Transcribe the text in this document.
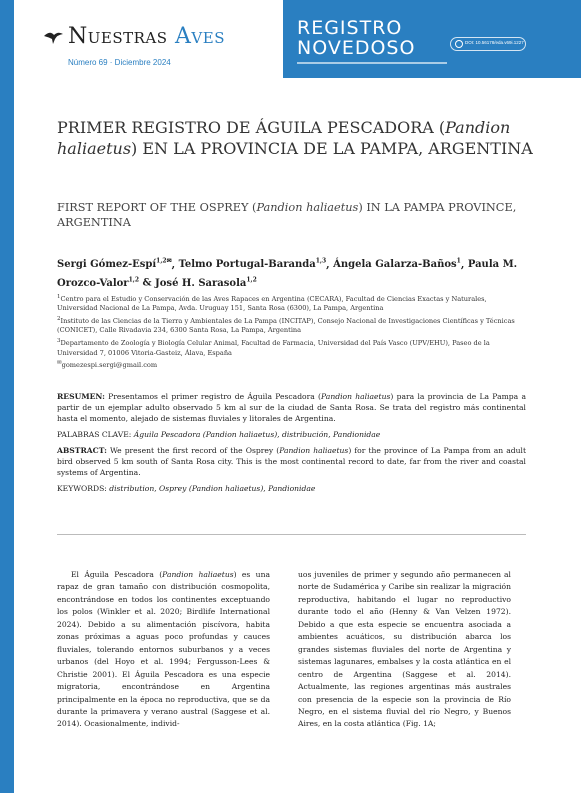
Nuestras Aves
Número 69 · Diciembre 2024
REGISTRO
NOVEDOSO	DOI: 10.56178/eda.v69i.1227
PRIMER REGISTRO DE ÁGUILA PESCADORA (Pandion haliaetus) EN LA PROVINCIA DE LA PAMPA, ARGENTINA
FIRST REPORT OF THE OSPREY (Pandion haliaetus) IN LA PAMPA PROVINCE, ARGENTINA
Sergi Gómez-Espí$^{1,2✉}$, Telmo Portugal-Baranda$^{1,3}$, Ángela Galarza-Baños$^1$, Paula M. Orozco-Valor$^{1,2}$ & José H. Sarasola$^{1,2}$

$^1$Centro para el Estudio y Conservación de las Aves Rapaces en Argentina (CECARA), Facultad de Ciencias Exactas y Naturales, Universidad Nacional de La Pampa, Avda. Uruguay 151, Santa Rosa (6300), La Pampa, Argentina

$^2$Instituto de las Ciencias de la Tierra y Ambientales de La Pampa (INCITAP), Consejo Nacional de Investigaciones Científicas y Técnicas (CONICET), Calle Rivadavia 234, 6300 Santa Rosa, La Pampa, Argentina

$^3$Departamento de Zoología y Biología Celular Animal, Facultad de Farmacia, Universidad del País Vasco (UPV/EHU), Paseo de la Universidad 7, 01006 Vitoria-Gasteiz, Álava, España

✉gomezespi.sergi@gmail.com

RESUMEN: Presentamos el primer registro de Águila Pescadora (Pandion haliaetus) para la provincia de La Pampa a partir de un ejemplar adulto observado 5 km al sur de la ciudad de Santa Rosa. Se trata del registro más continental hasta el momento, alejado de sistemas fluviales y litorales de Argentina.

PALABRAS CLAVE: Águila Pescadora (Pandion haliaetus), distribución, Pandionidae

ABSTRACT: We present the first record of the Osprey (Pandion haliaetus) for the province of La Pampa from an adult bird observed 5 km south of Santa Rosa city. This is the most continental record to date, far from the river and coastal systems of Argentina.

KEYWORDS: distribution, Osprey (Pandion haliaetus), Pandionidae

El Águila Pescadora (Pandion haliaetus) es una rapaz de gran tamaño con distribución cosmopolita, encontrándose en todos los continentes exceptuando los polos (Winkler et al. 2020; Birdlife International 2024). Debido a su alimentación piscívora, habita zonas próximas a aguas poco profundas y cauces fluviales, tolerando entornos suburbanos y a veces urbanos (del Hoyo et al. 1994; Fergusson-Lees & Christie 2001). El Águila Pescadora es una especie migratoria, encontrándose en Argentina principalmente en la época no reproductiva, que se da durante la primavera y verano austral (Saggese et al. 2014). Ocasionalmente, individ-

uos juveniles de primer y segundo año permanecen al norte de Sudamérica y Caribe sin realizar la migración reproductiva, habitando el lugar no reproductivo durante todo el año (Henny & Van Velzen 1972). Debido a que esta especie se encuentra asociada a ambientes acuáticos, su distribución abarca los grandes sistemas fluviales del norte de Argentina y sistemas lagunares, embalses y la costa atlántica en el centro de Argentina (Saggese et al. 2014). Actualmente, las regiones argentinas más australes con presencia de la especie son la provincia de Río Negro, en el sistema fluvial del río Negro, y Buenos Aires, en la costa atlántica (Fig. 1A;
